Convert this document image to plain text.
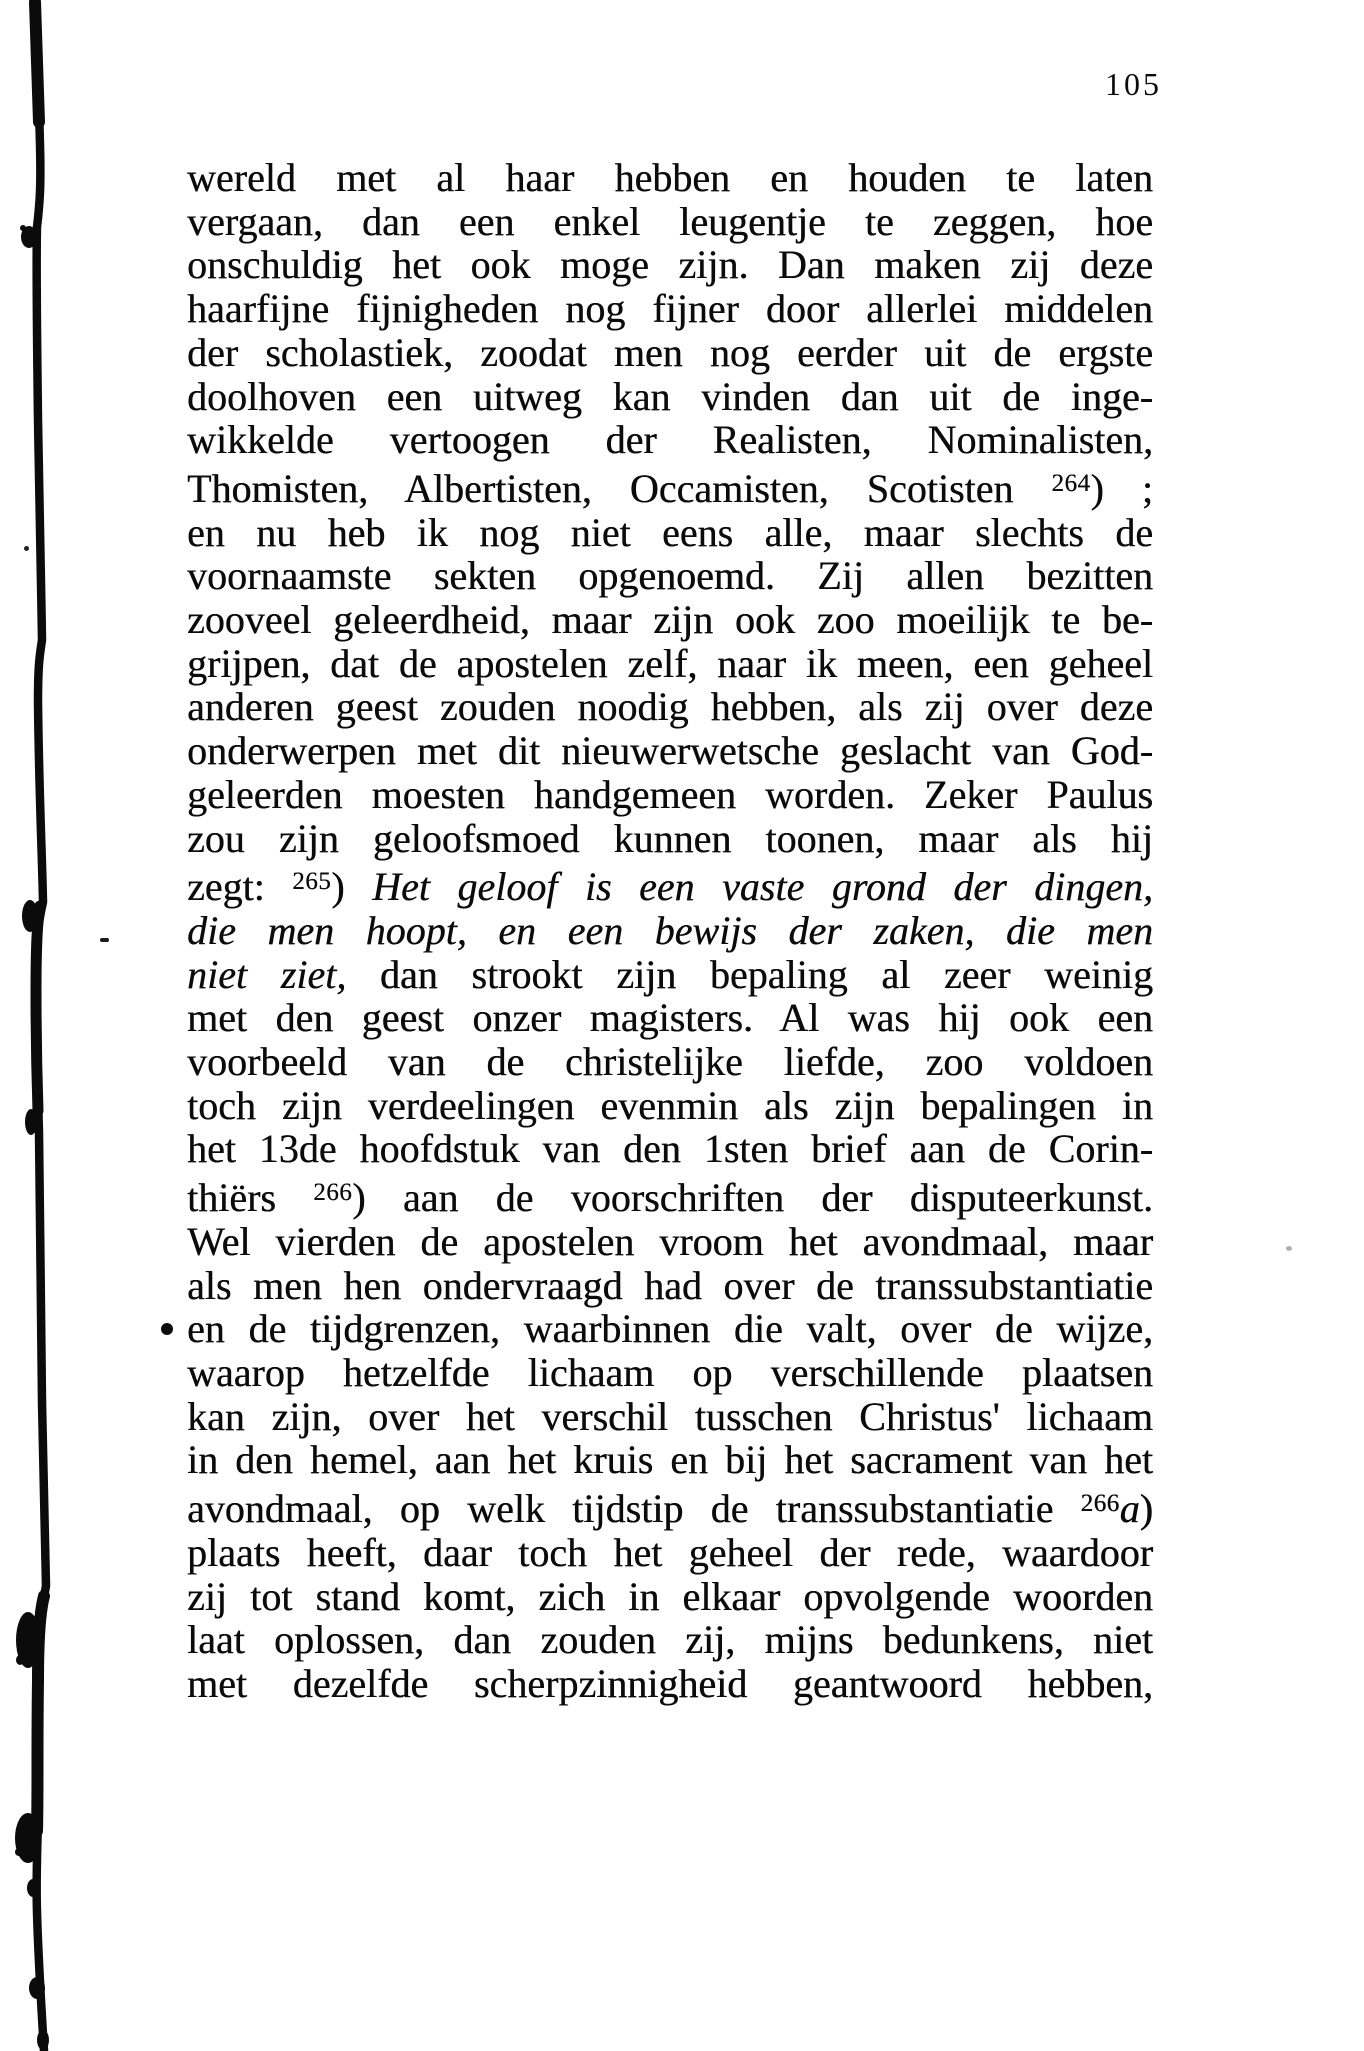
105
wereld met al haar hebben en houden te laten
vergaan, dan een enkel leugentje te zeggen, hoe
onschuldig het ook moge zijn. Dan maken zij deze
haarfijne fijnigheden nog fijner door allerlei middelen
der scholastiek, zoodat men nog eerder uit de ergste
doolhoven een uitweg kan vinden dan uit de inge-
wikkelde vertoogen der Realisten, Nominalisten,
Thomisten, Albertisten, Occamisten, Scotisten $^{264}$) ;
en nu heb ik nog niet eens alle, maar slechts de
voornaamste sekten opgenoemd. Zij allen bezitten
zooveel geleerdheid, maar zijn ook zoo moeilijk te be-
grijpen, dat de apostelen zelf, naar ik meen, een geheel
anderen geest zouden noodig hebben, als zij over deze
onderwerpen met dit nieuwerwetsche geslacht van God-
geleerden moesten handgemeen worden. Zeker Paulus
zou zijn geloofsmoed kunnen toonen, maar als hij
zegt: $^{265}$) Het geloof is een vaste grond der dingen,
die men hoopt, en een bewijs der zaken, die men
niet ziet, dan strookt zijn bepaling al zeer weinig
met den geest onzer magisters. Al was hij ook een
voorbeeld van de christelijke liefde, zoo voldoen
toch zijn verdeelingen evenmin als zijn bepalingen in
het 13de hoofdstuk van den 1sten brief aan de Corin-
thiërs $^{266}$) aan de voorschriften der disputeerkunst.
Wel vierden de apostelen vroom het avondmaal, maar
als men hen ondervraagd had over de transsubstantiatie
en de tijdgrenzen, waarbinnen die valt, over de wijze,
waarop hetzelfde lichaam op verschillende plaatsen
kan zijn, over het verschil tusschen Christus' lichaam
in den hemel, aan het kruis en bij het sacrament van het
avondmaal, op welk tijdstip de transsubstantiatie $^{266}$a)
plaats heeft, daar toch het geheel der rede, waardoor
zij tot stand komt, zich in elkaar opvolgende woorden
laat oplossen, dan zouden zij, mijns bedunkens, niet
met dezelfde scherpzinnigheid geantwoord hebben,
